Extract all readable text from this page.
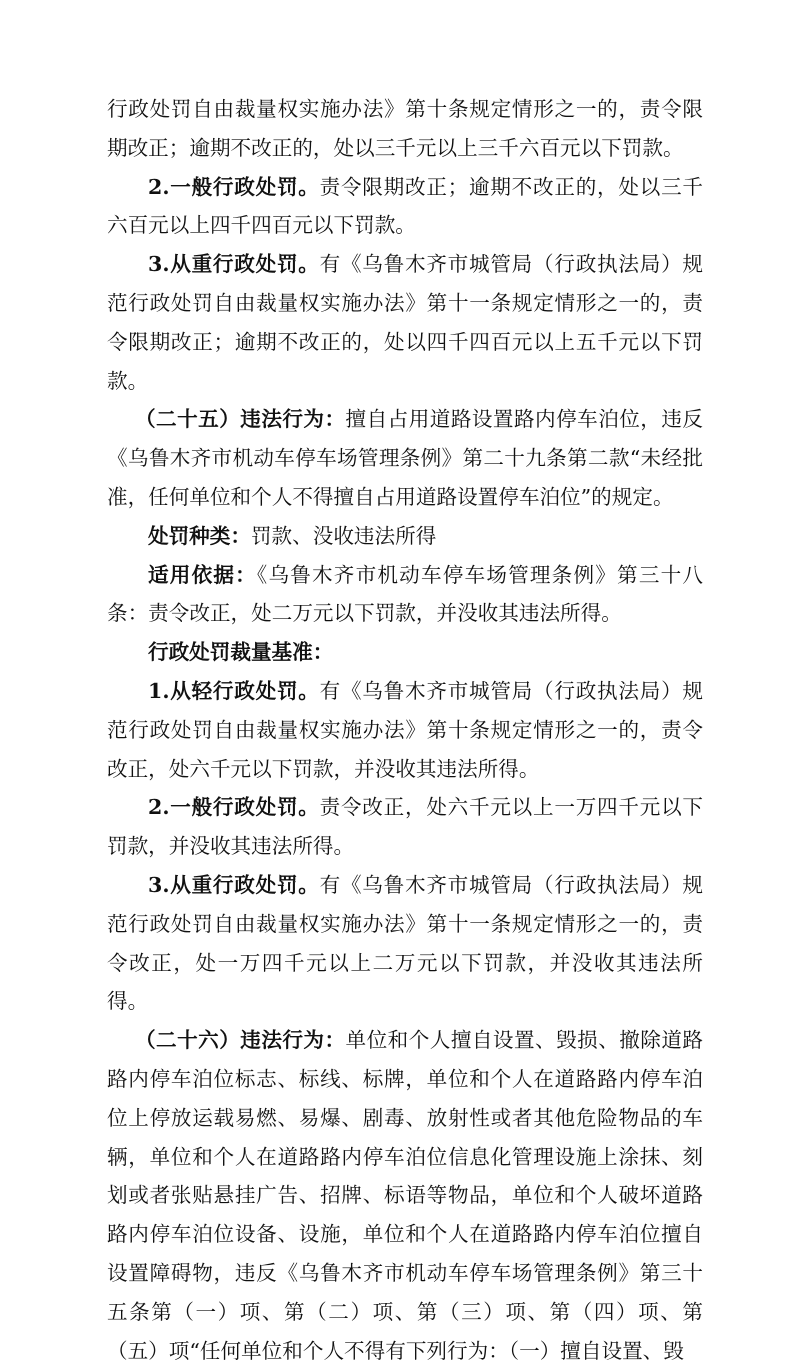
行政处罚自由裁量权实施办法》第十条规定情形之一的，责令限期改正；逾期不改正的，处以三千元以上三千六百元以下罚款。

2.一般行政处罚。责令限期改正；逾期不改正的，处以三千六百元以上四千四百元以下罚款。

3.从重行政处罚。有《乌鲁木齐市城管局（行政执法局）规范行政处罚自由裁量权实施办法》第十一条规定情形之一的，责令限期改正；逾期不改正的，处以四千四百元以上五千元以下罚款。

（二十五）违法行为：擅自占用道路设置路内停车泊位，违反《乌鲁木齐市机动车停车场管理条例》第二十九条第二款“未经批准，任何单位和个人不得擅自占用道路设置停车泊位”的规定。

处罚种类：罚款、没收违法所得

适用依据：《乌鲁木齐市机动车停车场管理条例》第三十八条：责令改正，处二万元以下罚款，并没收其违法所得。

行政处罚裁量基准：

1.从轻行政处罚。有《乌鲁木齐市城管局（行政执法局）规范行政处罚自由裁量权实施办法》第十条规定情形之一的，责令改正，处六千元以下罚款，并没收其违法所得。

2.一般行政处罚。责令改正，处六千元以上一万四千元以下罚款，并没收其违法所得。

3.从重行政处罚。有《乌鲁木齐市城管局（行政执法局）规范行政处罚自由裁量权实施办法》第十一条规定情形之一的，责令改正，处一万四千元以上二万元以下罚款，并没收其违法所得。

（二十六）违法行为：单位和个人擅自设置、毁损、撤除道路路内停车泊位标志、标线、标牌，单位和个人在道路路内停车泊位上停放运载易燃、易爆、剧毒、放射性或者其他危险物品的车辆，单位和个人在道路路内停车泊位信息化管理设施上涂抹、刻划或者张贴悬挂广告、招牌、标语等物品，单位和个人破坏道路路内停车泊位设备、设施，单位和个人在道路路内停车泊位擅自设置障碍物，违反《乌鲁木齐市机动车停车场管理条例》第三十五条第（一）项、第（二）项、第（三）项、第（四）项、第（五）项“任何单位和个人不得有下列行为：（一）擅自设置、毁
